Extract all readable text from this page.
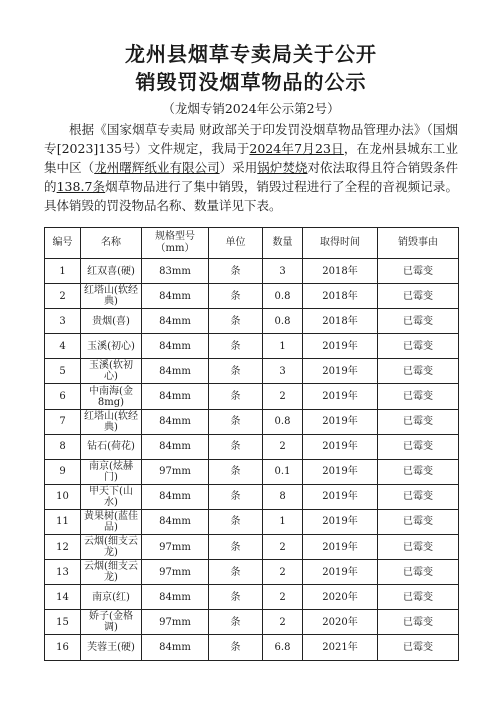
龙州县烟草专卖局关于公开
销毁罚没烟草物品的公示
（龙烟专销2024年公示第2号）
根据《国家烟草专卖局 财政部关于印发罚没烟草物品管理办法》（国烟专[2023]135号）文件规定，我局于2024年7月23日，在龙州县城东工业集中区（龙州曙辉纸业有限公司）采用锅炉焚烧对依法取得且符合销毁条件的138.7条烟草物品进行了集中销毁，销毁过程进行了全程的音视频记录。具体销毁的罚没物品名称、数量详见下表。
编号	名称	规格型号（mm）	单位	数量	取得时间	销毁事由
1	红双喜(硬)	83mm	条	3	2018年	已霉变
2	红塔山(软经典)	84mm	条	0.8	2018年	已霉变
3	贵烟(喜)	84mm	条	0.8	2018年	已霉变
4	玉溪(初心)	84mm	条	1	2019年	已霉变
5	玉溪(软初心)	84mm	条	3	2019年	已霉变
6	中南海(金8mg)	84mm	条	2	2019年	已霉变
7	红塔山(软经典)	84mm	条	0.8	2019年	已霉变
8	钻石(荷花)	84mm	条	2	2019年	已霉变
9	南京(炫赫门)	97mm	条	0.1	2019年	已霉变
10	甲天下(山水)	84mm	条	8	2019年	已霉变
11	黄果树(蓝佳品)	84mm	条	1	2019年	已霉变
12	云烟(细支云龙)	97mm	条	2	2019年	已霉变
13	云烟(细支云龙)	97mm	条	2	2019年	已霉变
14	南京(红)	84mm	条	2	2020年	已霉变
15	娇子(金格调)	97mm	条	2	2020年	已霉变
16	芙蓉王(硬)	84mm	条	6.8	2021年	已霉变
